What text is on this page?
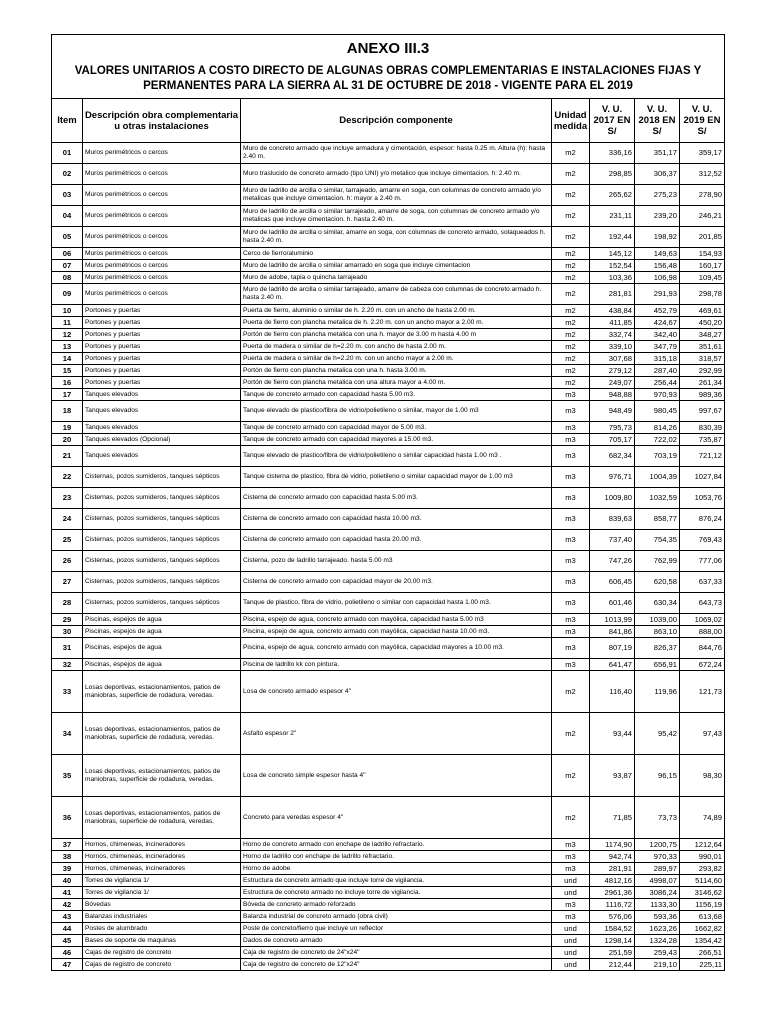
ANEXO III.3
VALORES UNITARIOS A COSTO DIRECTO DE ALGUNAS OBRAS COMPLEMENTARIAS E INSTALACIONES FIJAS Y
PERMANENTES PARA LA SIERRA AL 31 DE OCTUBRE DE 2018 - VIGENTE PARA EL 2019						

Item	Descripción obra complementaria u otras instalaciones	Descripción componente	Unidad medida	V. U. 2017 EN S/	V. U. 2018 EN S/	V. U. 2019 EN S/
01	Muros perimétricos o cercos	Muro de concreto armado que incluye armadura y cimentación, espesor: hasta 0.25 m. Altura (h): hasta 2.40 m.	m2	336,16	351,17	359,17
02	Muros perimétricos o cercos	Muro traslucido de concreto armado (tipo UNI) y/o metalico que incluye cimentacion. h: 2.40 m.	m2	298,85	306,37	312,52
03	Muros perimétricos o cercos	Muro de ladrillo de arcilla o similar, tarrajeado, amarre en soga, con columnas de concreto armado y/o metalicas que incluye cimentacion. h: mayor a 2.40 m.	m2	265,62	275,23	278,90
04	Muros perimétricos o cercos	Muro de ladrillo de arcilla o similar tarrajeado, amarre de soga, con columnas de concreto armado y/o metalicas que incluye cimentacion. h. hasta 2.40 m.	m2	231,11	239,20	246,21
05	Muros perimétricos o cercos	Muro de ladrillo de arcilla o similar, amarre en soga, con columnas de concreto armado, solaqueados h. hasta 2.40 m.	m2	192,44	198,92	201,85
06	Muros perimétricos o cercos	Cerco de fierro/aluminio	m2	145,12	149,63	154,93
07	Muros perimétricos o cercos	Muro de ladrillo de arcilla o similar amarrado en soga que incluye cimentacion	m2	152,54	156,48	160,17
08	Muros perimétricos o cercos	Muro de adobe, tapia o quincha tarrajeado	m2	103,36	106,98	109,45
09	Muros perimétricos o cercos	Muro de ladrillo de arcilla o similar tarrajeado, amarre de cabeza con columnas de concreto armado h. hasta 2.40 m.	m2	281,81	291,93	298,78
10	Portones y puertas	Puerta de fierro, aluminio o similar de h. 2.20 m. con un ancho de hasta 2.00 m.	m2	438,84	452,79	469,61
11	Portones y puertas	Puerta de fierro con plancha metalica de h. 2.20 m. con un ancho mayor a 2.00 m.	m2	411,85	424,67	450,20
12	Portones y puertas	Portón de fierro con plancha metalica con una h. mayor de 3.00 m hasta 4.00 m	m2	332,74	342,40	348,27
13	Portones y puertas	Puerta de madera o similar de h=2.20 m. con ancho de hasta 2.00 m.	m2	339,10	347,79	351,61
14	Portones y puertas	Puerta de madera o similar de h=2.20 m. con un ancho mayor a 2.00 m.	m2	307,68	315,18	318,57
15	Portones y puertas	Portón de fierro con plancha metalica con una h. hasta 3.00 m.	m2	279,12	287,40	292,99
16	Portones y puertas	Portón de fierro con plancha metalica con una altura mayor a 4.00 m.	m2	249,07	256,44	261,34
17	Tanques elevados	Tanque de concreto armado con capacidad hasta 5.00 m3.	m3	948,88	970,93	989,36
18	Tanques elevados	Tanque elevado de plastico/fibra de vidrio/polietileno o similar, mayor de 1.00 m3	m3	948,49	980,45	997,67
19	Tanques elevados	Tanque de concreto armado con capacidad mayor de 5.00 m3.	m3	795,73	814,26	830,39
20	Tanques elevados (Opcional)	Tanque de concreto armado con capacidad mayores a 15.00 m3.	m3	705,17	722,02	735,87
21	Tanques elevados	Tanque elevado de plastico/fibra de vidrio/polietileno o similar capacidad hasta 1.00 m3 .	m3	682,34	703,19	721,12
22	Cisternas, pozos sumideros, tanques sépticos	Tanque cisterna de plastico, fibra de vidrio, polietileno o similar capacidad mayor de 1.00 m3	m3	976,71	1004,39	1027,84
23	Cisternas, pozos sumideros, tanques sépticos	Cisterna de concreto armado con capacidad hasta 5.00 m3.	m3	1009,80	1032,59	1053,76
24	Cisternas, pozos sumideros, tanques sépticos	Cisterna de concreto armado con capacidad hasta 10.00 m3.	m3	839,63	858,77	876,24
25	Cisternas, pozos sumideros, tanques sépticos	Cisterna de concreto armado con capacidad hasta 20.00 m3.	m3	737,40	754,35	769,43
26	Cisternas, pozos sumideros, tanques sépticos	Cisterna, pozo de ladrillo tarrajeado. hasta 5.00 m3	m3	747,26	762,99	777,06
27	Cisternas, pozos sumideros, tanques sépticos	Cisterna de concreto armado con capacidad mayor de 20.00 m3.	m3	606,45	620,58	637,33
28	Cisternas, pozos sumideros, tanques sépticos	Tanque de plastico, fibra de vidrio, polietileno o similar con capacidad hasta 1.00 m3.	m3	601,46	630,34	643,73
29	Piscinas, espejos de agua	Piscina, espejo de agua, concreto armado con mayólica, capacidad hasta 5.00 m3	m3	1013,99	1039,00	1069,02
30	Piscinas, espejos de agua	Piscina, espejo de agua, concreto armado con mayólica, capacidad hasta 10.00 m3.	m3	841,86	863,10	888,00
31	Piscinas, espejos de agua	Piscina, espejo de agua, concreto armado con mayólica, capacidad mayores a 10.00 m3.	m3	807,19	826,37	844,76
32	Piscinas, espejos de agua	Piscina de ladrillo kk con pintura.	m3	641,47	656,91	672,24
33	Losas deportivas, estacionamientos, patios de maniobras, superficie de rodadura, veredas.	Losa de concreto armado espesor 4"	m2	116,40	119,96	121,73
34	Losas deportivas, estacionamientos, patios de maniobras, superficie de rodadura, veredas.	Asfalto espesor 2"	m2	93,44	95,42	97,43
35	Losas deportivas, estacionamientos, patios de maniobras, superficie de rodadura, veredas.	Losa de concreto simple espesor hasta 4"	m2	93,87	96,15	98,30
36	Losas deportivas, estacionamientos, patios de maniobras, superficie de rodadura, veredas.	Concreto para veredas espesor 4"	m2	71,85	73,73	74,89
37	Hornos, chimeneas, incineradores	Horno de concreto armado con enchape de ladrillo refractario.	m3	1174,90	1200,75	1212,64
38	Hornos, chimeneas, incineradores	Horno de ladrillo con enchape de ladrillo refractario.	m3	942,74	970,33	990,01
39	Hornos, chimeneas, incineradores	Horno de adobe	m3	281,91	289,97	293,82
40	Torres de vigilancia 1/	Estructura de concreto armado que incluye torre de vigilancia.	und	4812,16	4998,07	5114,60
41	Torres de vigilancia 1/	Estructura de concreto armado no incluye torre de vigilancia.	und	2961,36	3086,24	3146,62
42	Bóvedas	Bóveda de concreto armado reforzado	m3	1116,72	1133,30	1156,19
43	Balanzas industriales	Balanza industrial de concreto armado (obra civil)	m3	576,06	593,36	613,68
44	Postes de alumbrado	Poste de concreto/fierro que incluye un reflector	und	1584,52	1623,26	1662,82
45	Bases de soporte de maquinas	Dados de concreto armado	und	1298,14	1324,28	1354,42
46	Cajas de registro de concreto	Caja de registro de concreto de 24"x24"	und	251,59	259,43	266,51
47	Cajas de registro de concreto	Caja de registro de concreto de 12"x24"	und	212,44	219,10	225,11
